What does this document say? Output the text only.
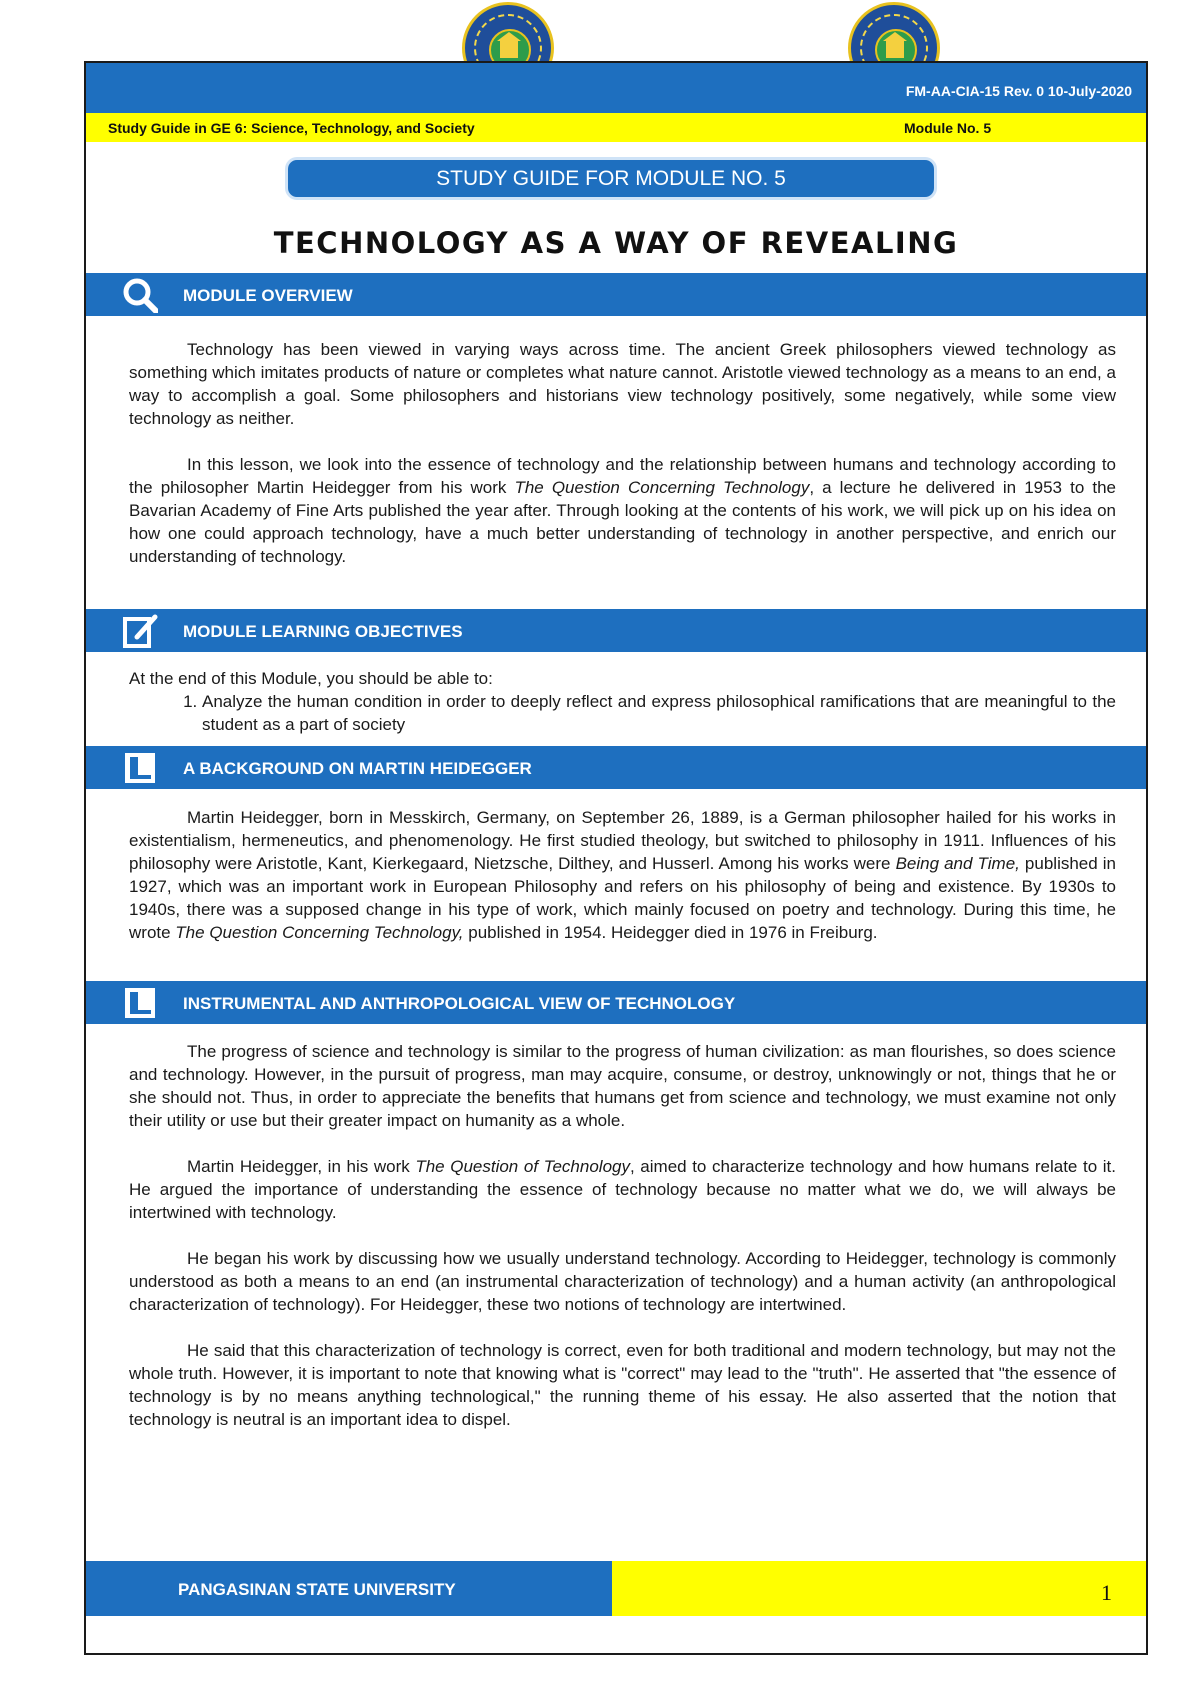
FM-AA-CIA-15 Rev. 0 10-July-2020
Study Guide in GE 6: Science, Technology, and Society	Module No. 5
STUDY GUIDE FOR MODULE NO. 5
TECHNOLOGY AS A WAY OF REVEALING
MODULE OVERVIEW

Technology has been viewed in varying ways across time. The ancient Greek philosophers viewed technology as something which imitates products of nature or completes what nature cannot. Aristotle viewed technology as a means to an end, a way to accomplish a goal. Some philosophers and historians view technology positively, some negatively, while some view technology as neither.

In this lesson, we look into the essence of technology and the relationship between humans and technology according to the philosopher Martin Heidegger from his work The Question Concerning Technology, a lecture he delivered in 1953 to the Bavarian Academy of Fine Arts published the year after. Through looking at the contents of his work, we will pick up on his idea on how one could approach technology, have a much better understanding of technology in another perspective, and enrich our understanding of technology.

MODULE LEARNING OBJECTIVES

At the end of this Module, you should be able to:

1. Analyze the human condition in order to deeply reflect and express philosophical ramifications that are meaningful to the student as a part of society
A BACKGROUND ON MARTIN HEIDEGGER

Martin Heidegger, born in Messkirch, Germany, on September 26, 1889, is a German philosopher hailed for his works in existentialism, hermeneutics, and phenomenology. He first studied theology, but switched to philosophy in 1911. Influences of his philosophy were Aristotle, Kant, Kierkegaard, Nietzsche, Dilthey, and Husserl. Among his works were Being and Time, published in 1927, which was an important work in European Philosophy and refers on his philosophy of being and existence. By 1930s to 1940s, there was a supposed change in his type of work, which mainly focused on poetry and technology. During this time, he wrote The Question Concerning Technology, published in 1954. Heidegger died in 1976 in Freiburg.

INSTRUMENTAL AND ANTHROPOLOGICAL VIEW OF TECHNOLOGY

The progress of science and technology is similar to the progress of human civilization: as man flourishes, so does science and technology. However, in the pursuit of progress, man may acquire, consume, or destroy, unknowingly or not, things that he or she should not. Thus, in order to appreciate the benefits that humans get from science and technology, we must examine not only their utility or use but their greater impact on humanity as a whole.

Martin Heidegger, in his work The Question of Technology, aimed to characterize technology and how humans relate to it. He argued the importance of understanding the essence of technology because no matter what we do, we will always be intertwined with technology.

He began his work by discussing how we usually understand technology. According to Heidegger, technology is commonly understood as both a means to an end (an instrumental characterization of technology) and a human activity (an anthropological characterization of technology). For Heidegger, these two notions of technology are intertwined.

He said that this characterization of technology is correct, even for both traditional and modern technology, but may not the whole truth. However, it is important to note that knowing what is "correct" may lead to the "truth". He asserted that "the essence of technology is by no means anything technological," the running theme of his essay. He also asserted that the notion that technology is neutral is an important idea to dispel.

PANGASINAN STATE UNIVERSITY	1
